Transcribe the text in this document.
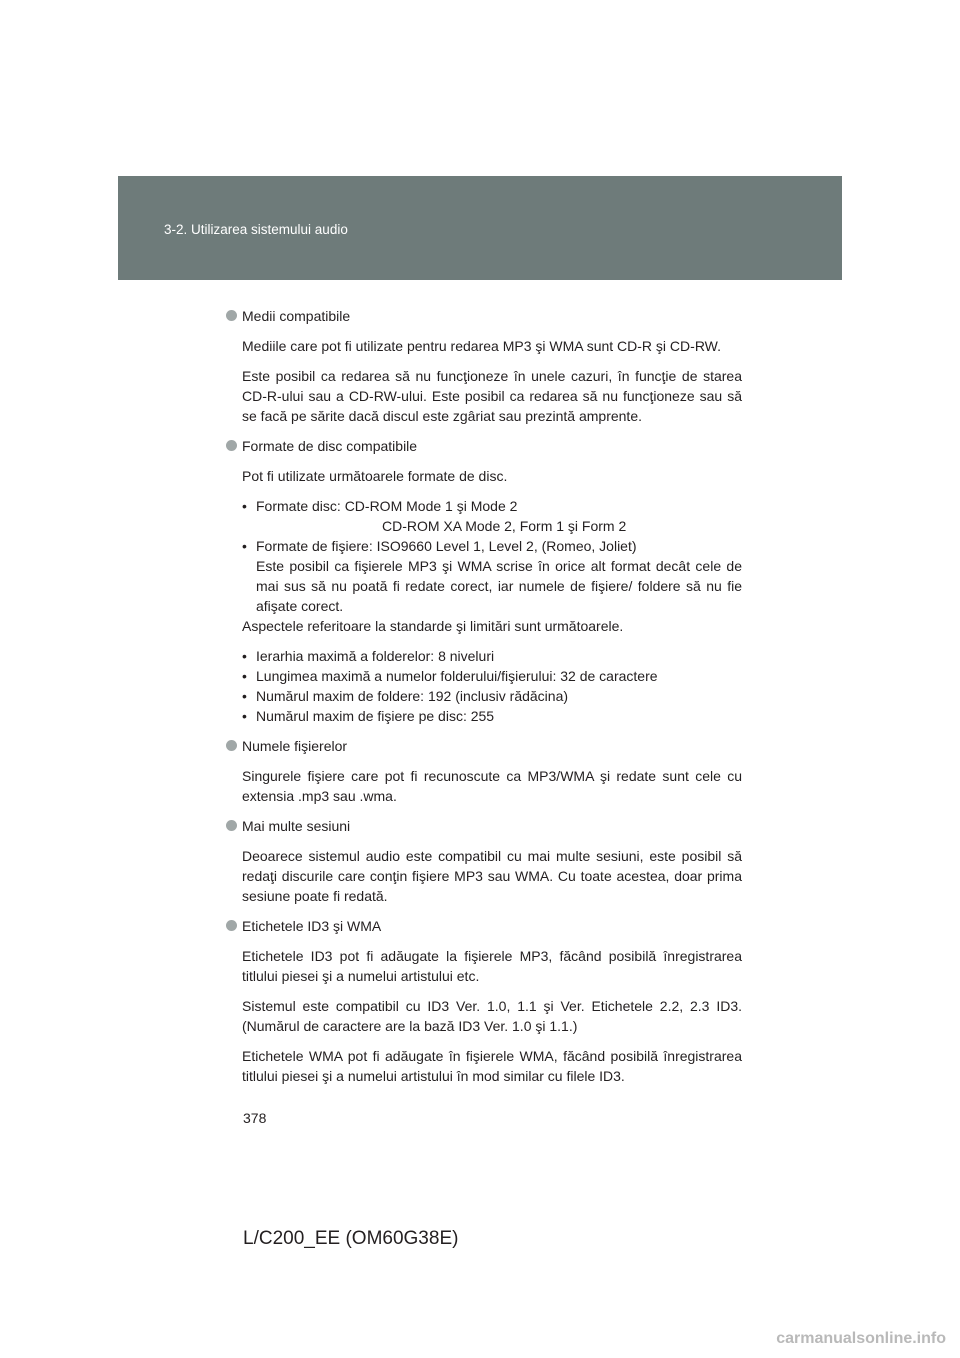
3-2. Utilizarea sistemului audio
Medii compatibile

Mediile care pot fi utilizate pentru redarea MP3 şi WMA sunt CD-R şi CD-RW.

Este posibil ca redarea să nu funcţioneze în unele cazuri, în funcţie de starea CD-R-ului sau a CD-RW-ului. Este posibil ca redarea să nu funcţioneze sau să se facă pe sărite dacă discul este zgâriat sau prezintă amprente.

Formate de disc compatibile

Pot fi utilizate următoarele formate de disc.

• Formate disc: CD-ROM Mode 1 şi Mode 2
CD-ROM XA Mode 2, Form 1 şi Form 2
• Formate de fişiere: ISO9660 Level 1, Level 2, (Romeo, Joliet)
Este posibil ca fişierele MP3 şi WMA scrise în orice alt format decât cele de mai sus să nu poată fi redate corect, iar numele de fişiere/ foldere să nu fie afişate corect.

Aspectele referitoare la standarde şi limitări sunt următoarele.

• Ierarhia maximă a folderelor: 8 niveluri
• Lungimea maximă a numelor folderului/fişierului: 32 de caractere
• Numărul maxim de foldere: 192 (inclusiv rădăcina)
• Numărul maxim de fişiere pe disc: 255
Numele fişierelor

Singurele fişiere care pot fi recunoscute ca MP3/WMA şi redate sunt cele cu extensia .mp3 sau .wma.

Mai multe sesiuni

Deoarece sistemul audio este compatibil cu mai multe sesiuni, este posibil să redaţi discurile care conţin fişiere MP3 sau WMA. Cu toate acestea, doar prima sesiune poate fi redată.

Etichetele ID3 şi WMA

Etichetele ID3 pot fi adăugate la fişierele MP3, făcând posibilă înregistrarea titlului piesei şi a numelui artistului etc.

Sistemul este compatibil cu ID3 Ver. 1.0, 1.1 şi Ver. Etichetele 2.2, 2.3 ID3. (Numărul de caractere are la bază ID3 Ver. 1.0 şi 1.1.)

Etichetele WMA pot fi adăugate în fişierele WMA, făcând posibilă înregistrarea titlului piesei şi a numelui artistului în mod similar cu filele ID3.

378
L/C200_EE (OM60G38E)
carmanualsonline.info
